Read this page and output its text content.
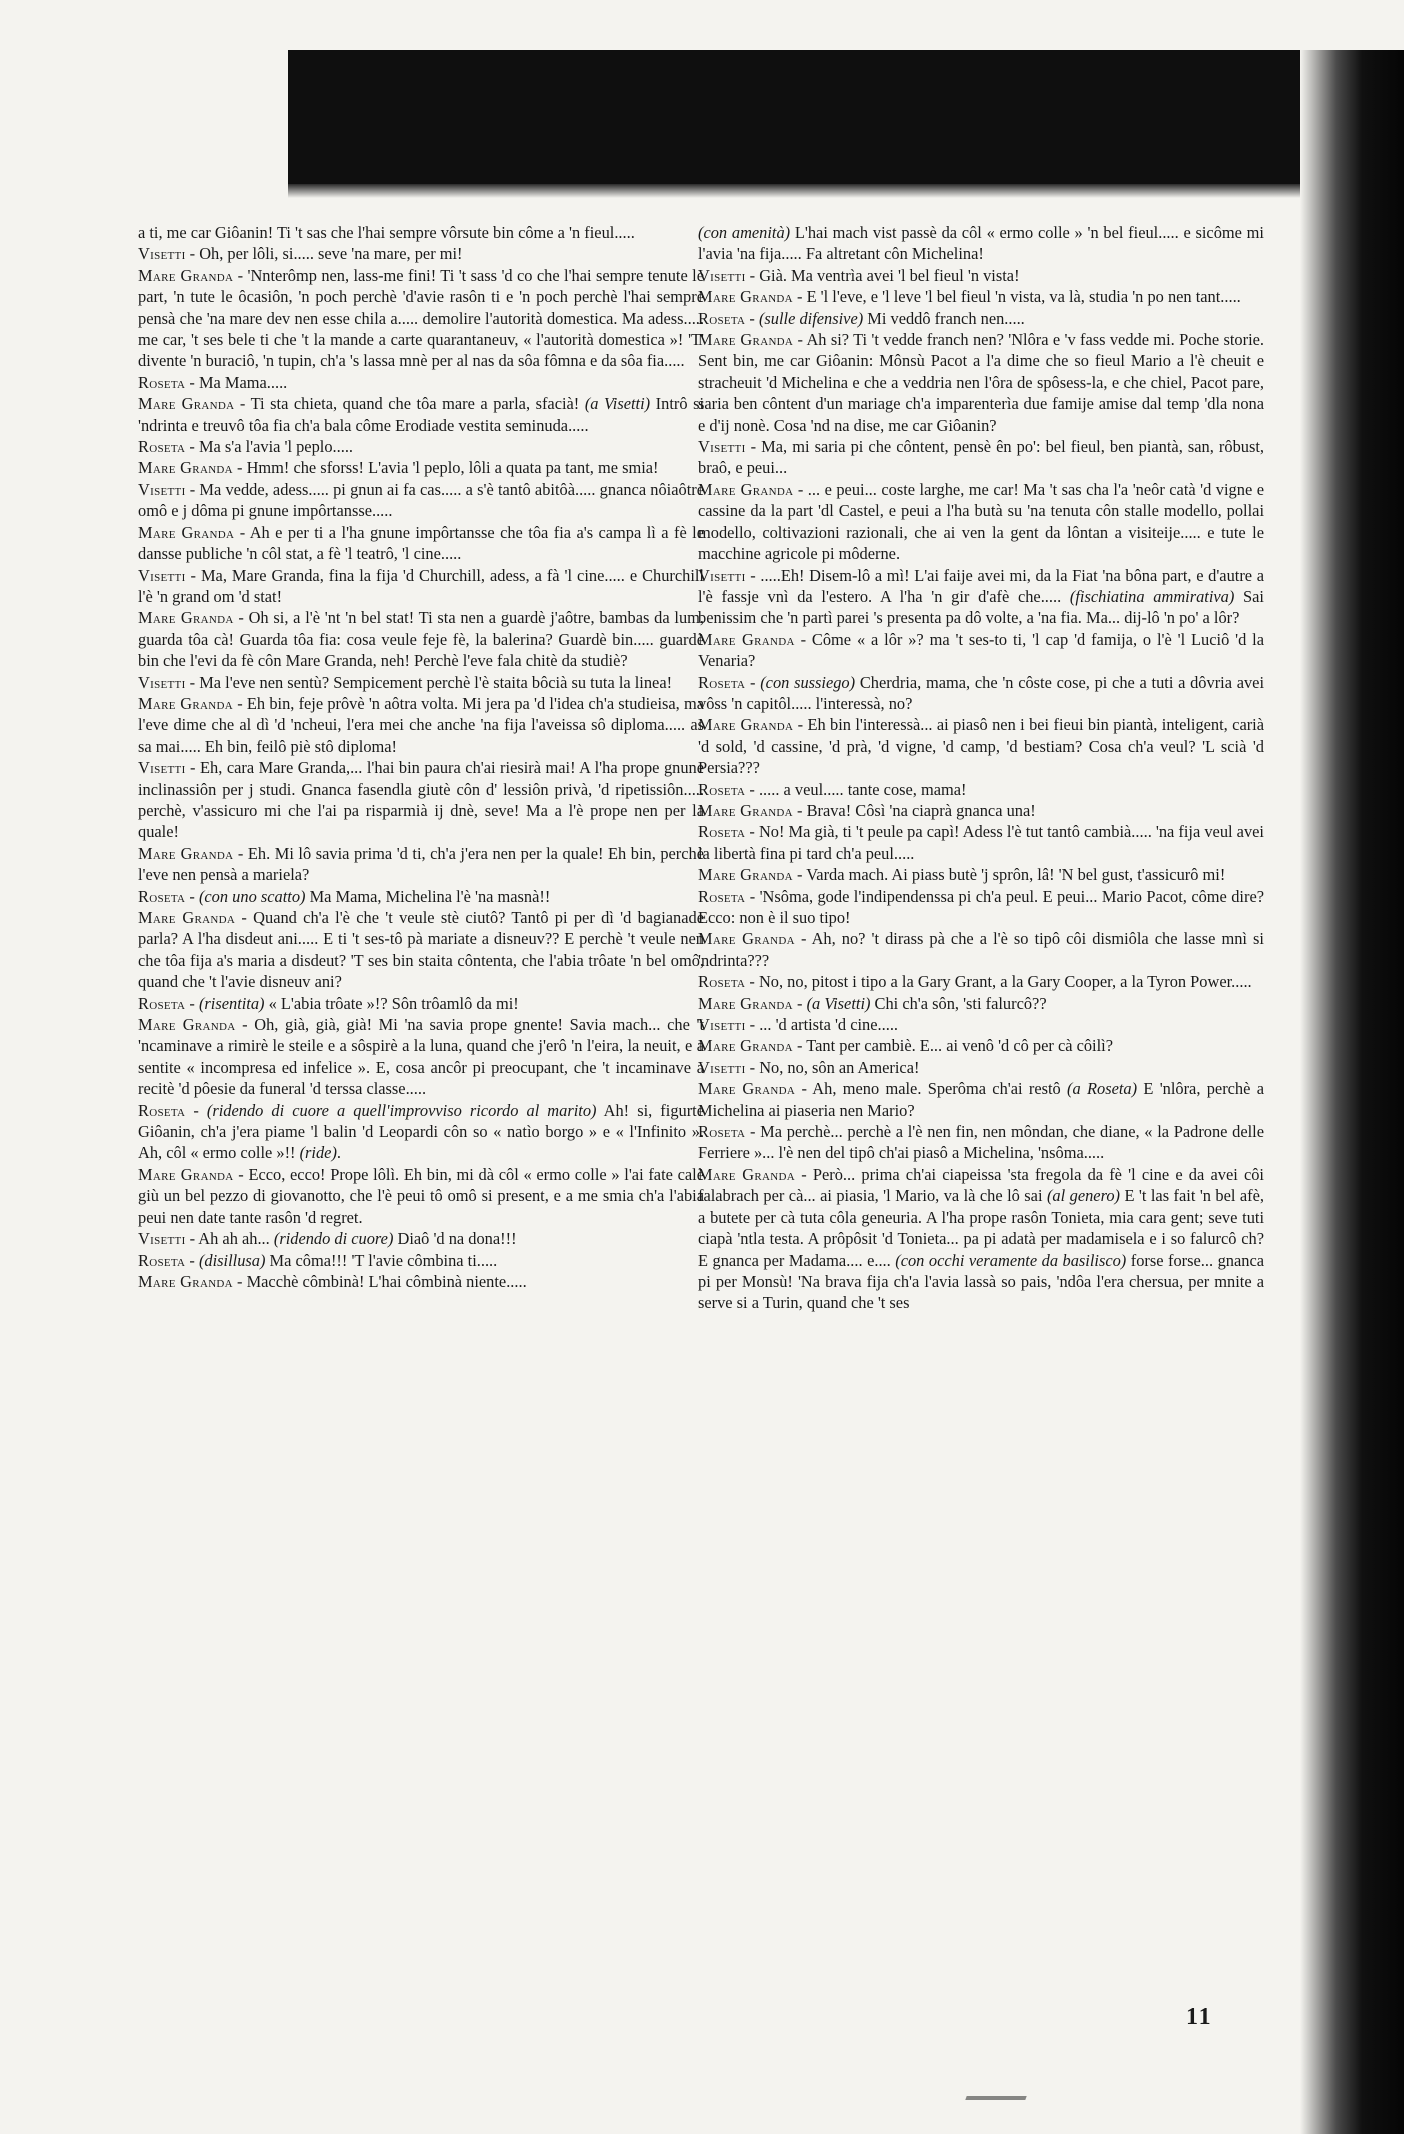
a ti, me car Giôanin! Ti 't sas che l'hai sempre vôrsute bin côme a 'n fieul.....

Visetti - Oh, per lôli, si..... seve 'na mare, per mi!

Mare Granda - 'Nnterômp nen, lass-me fini! Ti 't sass 'd co che l'hai sempre tenute le part, 'n tute le ôcasiôn, 'n poch perchè 'd'avie rasôn ti e 'n poch perchè l'hai sempre pensà che 'na mare dev nen esse chila a..... demolire l'autorità domestica. Ma adess..... me car, 't ses bele ti che 't la mande a carte quarantaneuv, « l'autorità domestica »! 'T' divente 'n buraciô, 'n tupin, ch'a 's lassa mnè per al nas da sôa fômna e da sôa fia.....

Roseta - Ma Mama.....

Mare Granda - Ti sta chieta, quand che tôa mare a parla, sfacià! (a Visetti) Intrô si 'ndrinta e treuvô tôa fia ch'a bala côme Erodiade vestita seminuda.....

Roseta - Ma s'a l'avia 'l peplo.....

Mare Granda - Hmm! che sforss! L'avia 'l peplo, lôli a quata pa tant, me smia!

Visetti - Ma vedde, adess..... pi gnun ai fa cas..... a s'è tantô abitôà..... gnanca nôiaôtre omô e j dôma pi gnune impôrtansse.....

Mare Granda - Ah e per ti a l'ha gnune impôrtansse che tôa fia a's campa lì a fè le dansse publiche 'n côl stat, a fè 'l teatrô, 'l cine.....

Visetti - Ma, Mare Granda, fina la fija 'd Churchill, adess, a fà 'l cine..... e Churchill l'è 'n grand om 'd stat!

Mare Granda - Oh si, a l'è 'nt 'n bel stat! Ti sta nen a guardè j'aôtre, bambas da lum, guarda tôa cà! Guarda tôa fia: cosa veule feje fè, la balerina? Guardè bin..... guardè bin che l'evi da fè côn Mare Granda, neh! Perchè l'eve fala chitè da studiè?

Visetti - Ma l'eve nen sentù? Sempicement perchè l'è staita bôcià su tuta la linea!

Mare Granda - Eh bin, feje prôvè 'n aôtra volta. Mi jera pa 'd l'idea ch'a studieisa, ma l'eve dime che al dì 'd 'ncheui, l'era mei che anche 'na fija l'aveissa sô diploma..... as sa mai..... Eh bin, feilô piè stô diploma!

Visetti - Eh, cara Mare Granda,... l'hai bin paura ch'ai riesirà mai! A l'ha prope gnune inclinassiôn per j studi. Gnanca fasendla giutè côn d' lessiôn privà, 'd ripetissiôn..... perchè, v'assicuro mi che l'ai pa risparmià ij dnè, seve! Ma a l'è prope nen per la quale!

Mare Granda - Eh. Mi lô savia prima 'd ti, ch'a j'era nen per la quale! Eh bin, perchè l'eve nen pensà a mariela?

Roseta - (con uno scatto) Ma Mama, Michelina l'è 'na masnà!!

Mare Granda - Quand ch'a l'è che 't veule stè ciutô? Tantô pi per dì 'd bagianade parla? A l'ha disdeut ani..... E ti 't ses-tô pà mariate a disneuv?? E perchè 't veule nen che tôa fija a's maria a disdeut? 'T ses bin staita côntenta, che l'abia trôate 'n bel omô, quand che 't l'avie disneuv ani?

Roseta - (risentita) « L'abia trôate »!? Sôn trôamlô da mi!

Mare Granda - Oh, già, già, già! Mi 'na savia prope gnente! Savia mach... che 't 'ncaminave a rimirè le steile e a sôspirè a la luna, quand che j'erô 'n l'eira, la neuit, e a sentite « incompresa ed infelice ». E, cosa ancôr pi preocupant, che 't incaminave a recitè 'd pôesie da funeral 'd terssa classe.....

Roseta - (ridendo di cuore a quell'improvviso ricordo al marito) Ah! si, figurte Giôanin, ch'a j'era piame 'l balin 'd Leopardi côn so « natìo borgo » e « l'Infinito ». Ah, côl « ermo colle »!! (ride).

Mare Granda - Ecco, ecco! Prope lôlì. Eh bin, mi dà côl « ermo colle » l'ai fate calè giù un bel pezzo di giovanotto, che l'è peui tô omô si present, e a me smia ch'a l'abia peui nen date tante rasôn 'd regret.

Visetti - Ah ah ah... (ridendo di cuore) Diaô 'd na dona!!!

Roseta - (disillusa) Ma côma!!! 'T l'avie cômbina ti.....

Mare Granda - Macchè cômbinà! L'hai cômbinà niente.....

(con amenità) L'hai mach vist passè da côl « ermo colle » 'n bel fieul..... e sicôme mi l'avia 'na fija..... Fa altretant côn Michelina!

Visetti - Già. Ma ventrìa avei 'l bel fieul 'n vista!

Mare Granda - E 'l l'eve, e 'l leve 'l bel fieul 'n vista, va là, studia 'n po nen tant.....

Roseta - (sulle difensive) Mi veddô franch nen.....

Mare Granda - Ah si? Ti 't vedde franch nen? 'Nlôra e 'v fass vedde mi. Poche storie. Sent bin, me car Giôanin: Mônsù Pacot a l'a dime che so fieul Mario a l'è cheuit e stracheuit 'd Michelina e che a veddria nen l'ôra de spôsess-la, e che chiel, Pacot pare, saria ben côntent d'un mariage ch'a imparenterìa due famije amise dal temp 'dla nona e d'ij nonè. Cosa 'nd na dise, me car Giôanin?

Visetti - Ma, mi saria pi che côntent, pensè ên po': bel fieul, ben piantà, san, rôbust, braô, e peui...

Mare Granda - ... e peui... coste larghe, me car! Ma 't sas cha l'a 'neôr catà 'd vigne e cassine da la part 'dl Castel, e peui a l'ha butà su 'na tenuta côn stalle modello, pollai modello, coltivazioni razionali, che ai ven la gent da lôntan a visiteije..... e tute le macchine agricole pi môderne.

Visetti - .....Eh! Disem-lô a mì! L'ai faije avei mi, da la Fiat 'na bôna part, e d'autre a l'è fassje vnì da l'estero. A l'ha 'n gir d'afè che..... (fischiatina ammirativa) Sai benissim che 'n partì parei 's presenta pa dô volte, a 'na fia. Ma... dij-lô 'n po' a lôr?

Mare Granda - Côme « a lôr »? ma 't ses-to ti, 'l cap 'd famija, o l'è 'l Luciô 'd la Venaria?

Roseta - (con sussiego) Cherdria, mama, che 'n côste cose, pi che a tuti a dôvria avei vôss 'n capitôl..... l'interessà, no?

Mare Granda - Eh bin l'interessà... ai piasô nen i bei fieui bin piantà, inteligent, carià 'd sold, 'd cassine, 'd prà, 'd vigne, 'd camp, 'd bestiam? Cosa ch'a veul? 'L scià 'd Persia???

Roseta - ..... a veul..... tante cose, mama!

Mare Granda - Brava! Côsì 'na ciaprà gnanca una!

Roseta - No! Ma già, ti 't peule pa capì! Adess l'è tut tantô cambià..... 'na fija veul avei la libertà fina pi tard ch'a peul.....

Mare Granda - Varda mach. Ai piass butè 'j sprôn, lâ! 'N bel gust, t'assicurô mi!

Roseta - 'Nsôma, gode l'indipendenssa pi ch'a peul. E peui... Mario Pacot, côme dire? Ecco: non è il suo tipo!

Mare Granda - Ah, no? 't dirass pà che a l'è so tipô côi dismiôla che lasse mnì si 'ndrinta???

Roseta - No, no, pitost i tipo a la Gary Grant, a la Gary Cooper, a la Tyron Power.....

Mare Granda - (a Visetti) Chi ch'a sôn, 'sti falurcô??

Visetti - ... 'd artista 'd cine.....

Mare Granda - Tant per cambiè. E... ai venô 'd cô per cà côilì?

Visetti - No, no, sôn an America!

Mare Granda - Ah, meno male. Sperôma ch'ai restô (a Roseta) E 'nlôra, perchè a Michelina ai piaseria nen Mario?

Roseta - Ma perchè... perchè a l'è nen fin, nen môndan, che diane, « la Padrone delle Ferriere »... l'è nen del tipô ch'ai piasô a Michelina, 'nsôma.....

Mare Granda - Però... prima ch'ai ciapeissa 'sta fregola da fè 'l cine e da avei côi falabrach per cà... ai piasia, 'l Mario, va là che lô sai (al genero) E 't las fait 'n bel afè, a butete per cà tuta côla geneuria. A l'ha prope rasôn Tonieta, mia cara gent; seve tuti ciapà 'ntla testa. A prôpôsit 'd Tonieta... pa pi adatà per madamisela e i so falurcô ch? E gnanca per Madama.... e.... (con occhi veramente da basilisco) forse forse... gnanca pi per Monsù! 'Na brava fija ch'a l'avia lassà so pais, 'ndôa l'era chersua, per mnite a serve si a Turin, quand che 't ses

11
